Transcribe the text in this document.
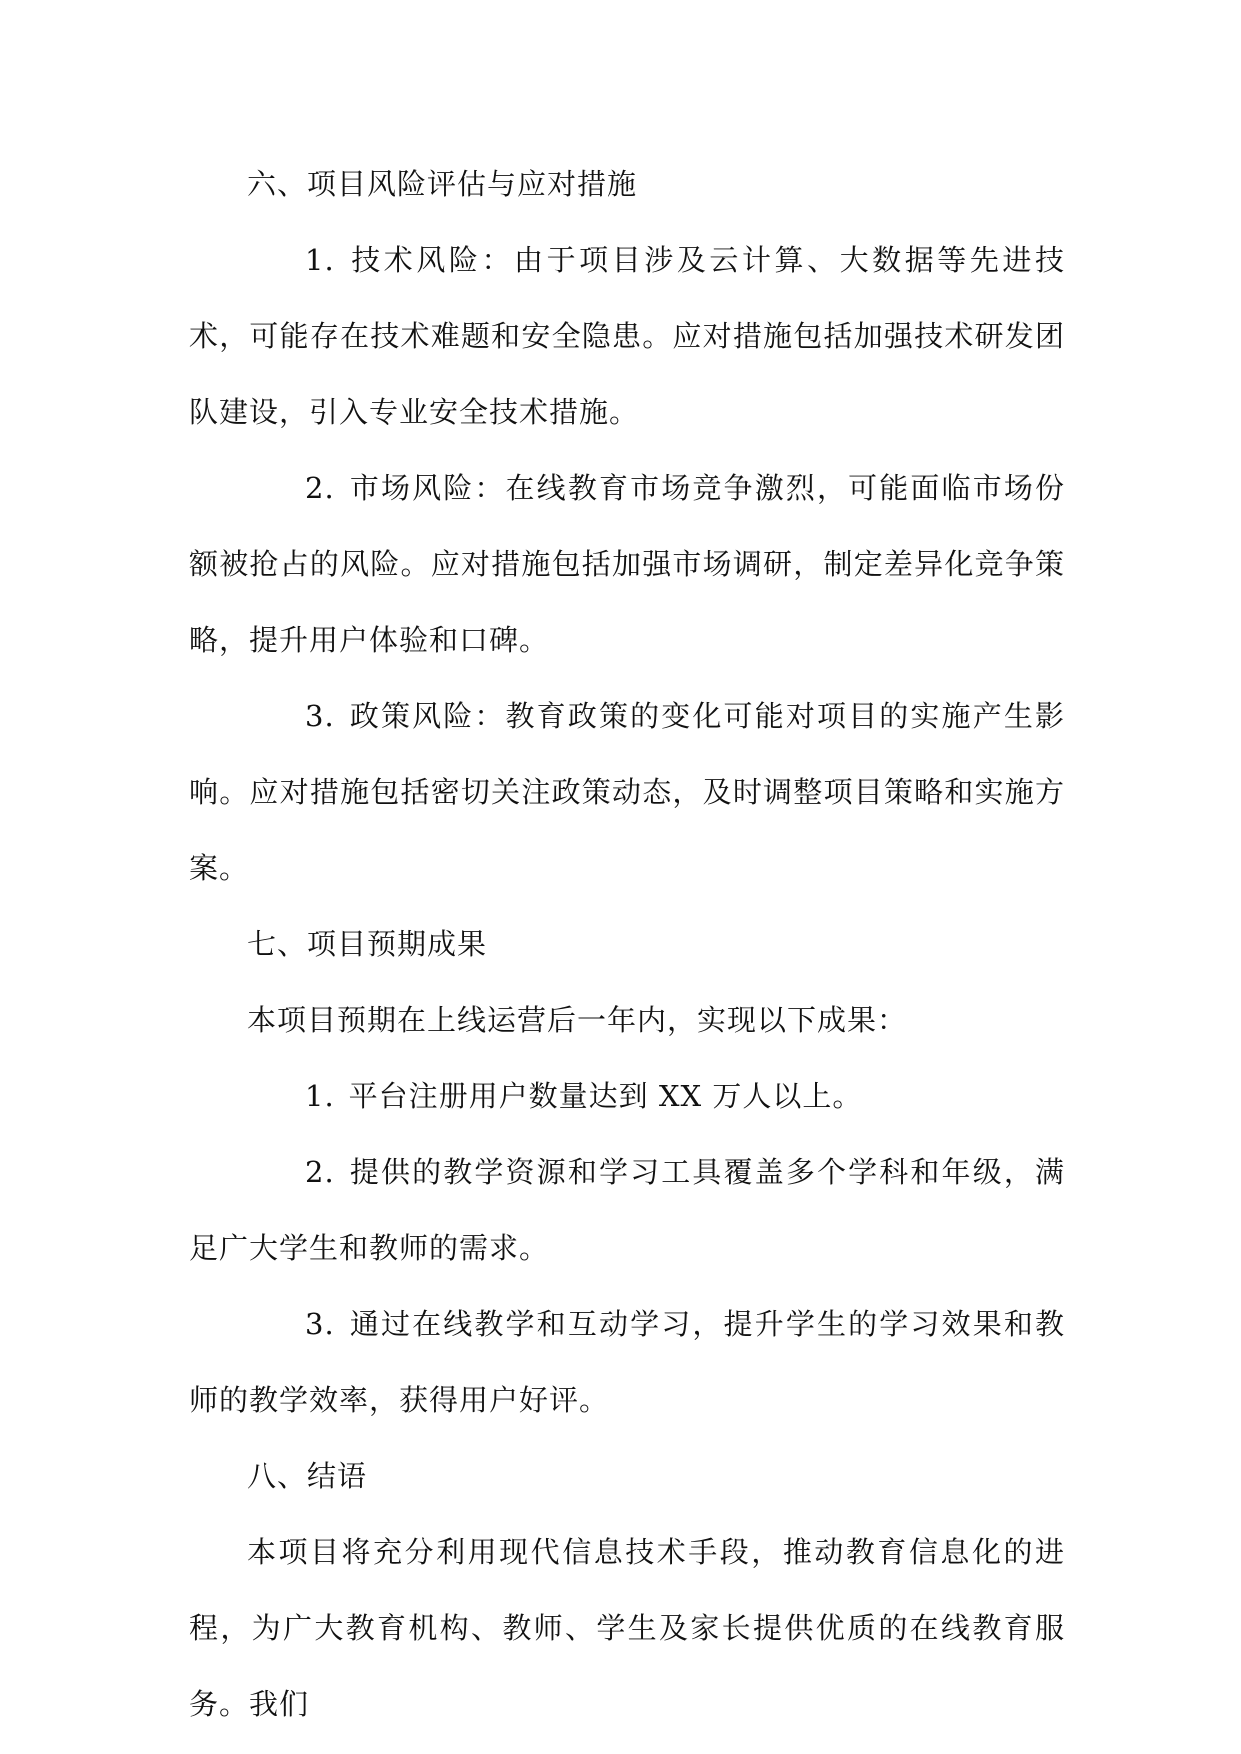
六、项目风险评估与应对措施

1. 技术风险：由于项目涉及云计算、大数据等先进技术，可能存在技术难题和安全隐患。应对措施包括加强技术研发团队建设，引入专业安全技术措施。

2. 市场风险：在线教育市场竞争激烈，可能面临市场份额被抢占的风险。应对措施包括加强市场调研，制定差异化竞争策略，提升用户体验和口碑。

3. 政策风险：教育政策的变化可能对项目的实施产生影响。应对措施包括密切关注政策动态，及时调整项目策略和实施方案。

七、项目预期成果

本项目预期在上线运营后一年内，实现以下成果：

1. 平台注册用户数量达到 XX 万人以上。

2. 提供的教学资源和学习工具覆盖多个学科和年级，满足广大学生和教师的需求。

3. 通过在线教学和互动学习，提升学生的学习效果和教师的教学效率，获得用户好评。

八、结语

本项目将充分利用现代信息技术手段，推动教育信息化的进程，为广大教育机构、教师、学生及家长提供优质的在线教育服务。我们
